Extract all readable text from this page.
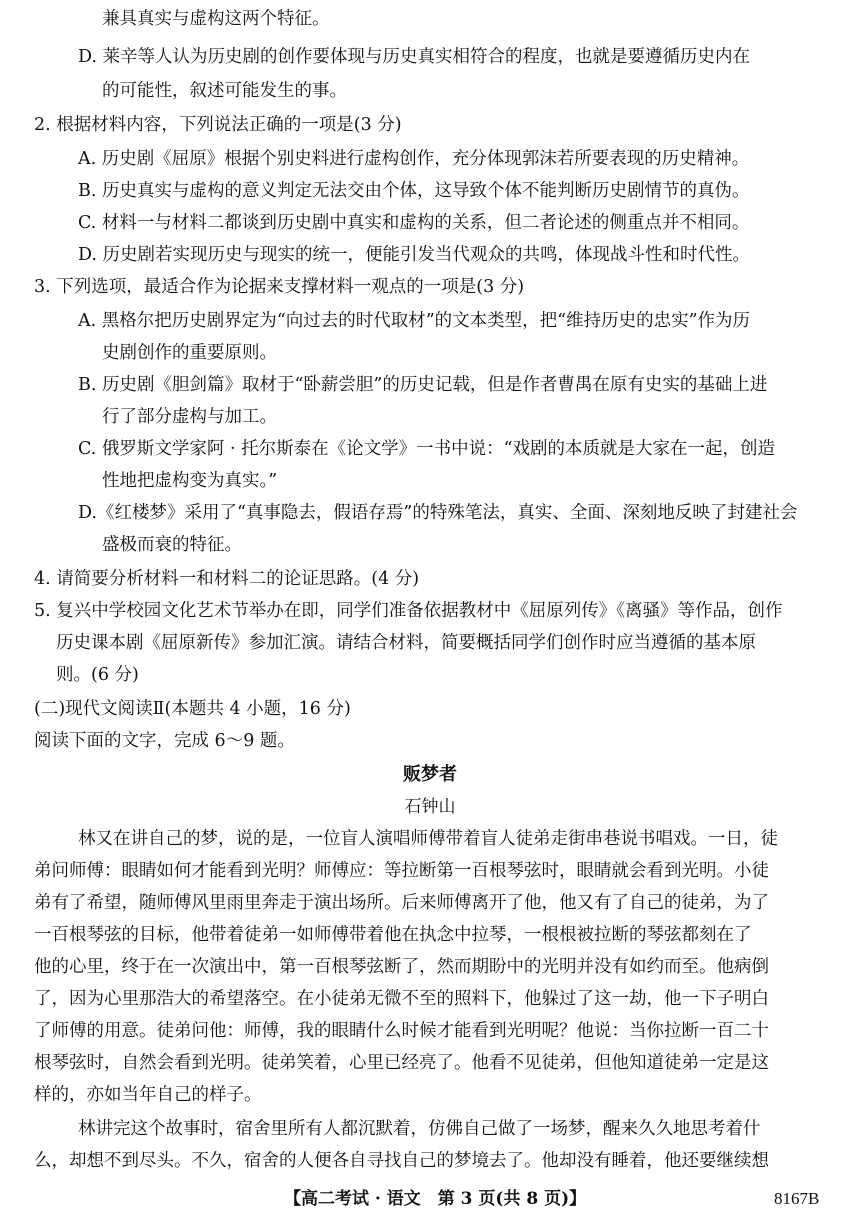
兼具真实与虚构这两个特征。
D. 莱辛等人认为历史剧的创作要体现与历史真实相符合的程度，也就是要遵循历史内在
的可能性，叙述可能发生的事。
2. 根据材料内容，下列说法正确的一项是(3 分)
A. 历史剧《屈原》根据个别史料进行虚构创作，充分体现郭沫若所要表现的历史精神。
B. 历史真实与虚构的意义判定无法交由个体，这导致个体不能判断历史剧情节的真伪。
C. 材料一与材料二都谈到历史剧中真实和虚构的关系，但二者论述的侧重点并不相同。
D. 历史剧若实现历史与现实的统一，便能引发当代观众的共鸣，体现战斗性和时代性。
3. 下列选项，最适合作为论据来支撑材料一观点的一项是(3 分)
A. 黑格尔把历史剧界定为“向过去的时代取材”的文本类型，把“维持历史的忠实”作为历
史剧创作的重要原则。
B. 历史剧《胆剑篇》取材于“卧薪尝胆”的历史记载，但是作者曹禺在原有史实的基础上进
行了部分虚构与加工。
C. 俄罗斯文学家阿 · 托尔斯泰在《论文学》一书中说：“戏剧的本质就是大家在一起，创造
性地把虚构变为真实。”
D.《红楼梦》采用了“真事隐去，假语存焉”的特殊笔法，真实、全面、深刻地反映了封建社会
盛极而衰的特征。
4. 请简要分析材料一和材料二的论证思路。(4 分)
5. 复兴中学校园文化艺术节举办在即，同学们准备依据教材中《屈原列传》《离骚》等作品，创作
历史课本剧《屈原新传》参加汇演。请结合材料，简要概括同学们创作时应当遵循的基本原
则。(6 分)
(二)现代文阅读Ⅱ(本题共 4 小题，16 分)
阅读下面的文字，完成 6～9 题。
贩梦者
石钟山
林又在讲自己的梦，说的是，一位盲人演唱师傅带着盲人徒弟走街串巷说书唱戏。一日，徒
弟问师傅：眼睛如何才能看到光明？师傅应：等拉断第一百根琴弦时，眼睛就会看到光明。小徒
弟有了希望，随师傅风里雨里奔走于演出场所。后来师傅离开了他，他又有了自己的徒弟，为了
一百根琴弦的目标，他带着徒弟一如师傅带着他在执念中拉琴，一根根被拉断的琴弦都刻在了
他的心里，终于在一次演出中，第一百根琴弦断了，然而期盼中的光明并没有如约而至。他病倒
了，因为心里那浩大的希望落空。在小徒弟无微不至的照料下，他躲过了这一劫，他一下子明白
了师傅的用意。徒弟问他：师傅，我的眼睛什么时候才能看到光明呢？他说：当你拉断一百二十
根琴弦时，自然会看到光明。徒弟笑着，心里已经亮了。他看不见徒弟，但他知道徒弟一定是这
样的，亦如当年自己的样子。
林讲完这个故事时，宿舍里所有人都沉默着，仿佛自己做了一场梦，醒来久久地思考着什
么，却想不到尽头。不久，宿舍的人便各自寻找自己的梦境去了。他却没有睡着，他还要继续想
【高二考试 · 语文　第 3 页(共 8 页)】	8167B
